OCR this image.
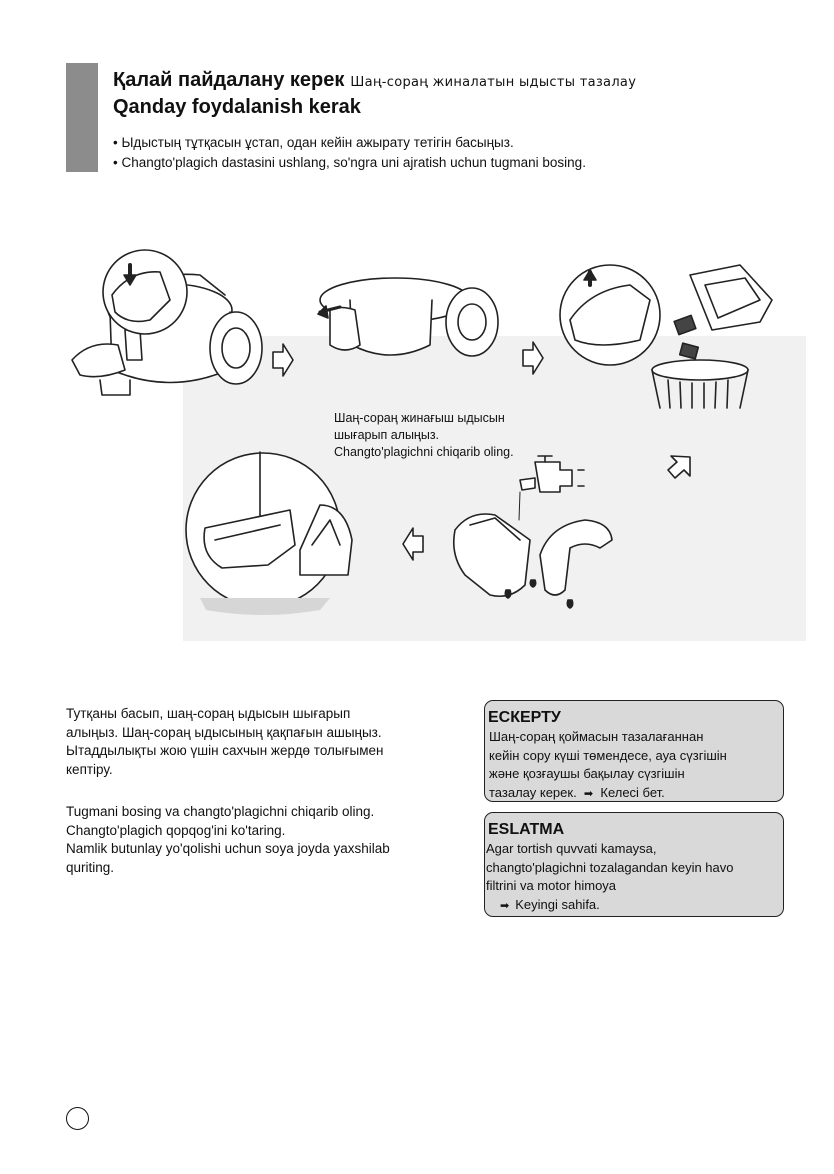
Қалай пайдалану керек Шаң-сораң жиналатын ыдысты тазалау
Qanday foydalanish kerak
• Ыдыстың тұтқасын ұстап, одан кейін ажырату тетігін басыңыз.
• Changto'plagich dastasini ushlang, so'ngra uni ajratish uchun tugmani bosing.
Шаң-сораң жинағыш ыдысын
шығарып алыңыз.
Changto'plagichni chiqarib oling.

Тутқаны басып, шаң-сораң ыдысын шығарып
алыңыз. Шаң-сораң ыдысының қақпағын ашыңыз.
Ытаддылықты жою үшін сахчын жердө толығымен
кептіру.

Tugmani bosing va changto'plagichni chiqarib oling.
Changto'plagich qopqog'ini ko'taring.
Namlik butunlay yo'qolishi uchun soya joyda yaxshilab
quriting.

ЕСКЕРТУ
Шаң-сораң қоймасын тазалағаннан
кейін сору күші төмендесе, ауа сүзгішін
және қозғаушы бақылау сүзгішін
тазалау керек. ➡ Келесі бет.
ESLATMA
Agar tortish quvvati kamaysa,
changto'plagichni tozalagandan keyin havo
filtrini va motor himoya
➡ Keyingi sahifa.
